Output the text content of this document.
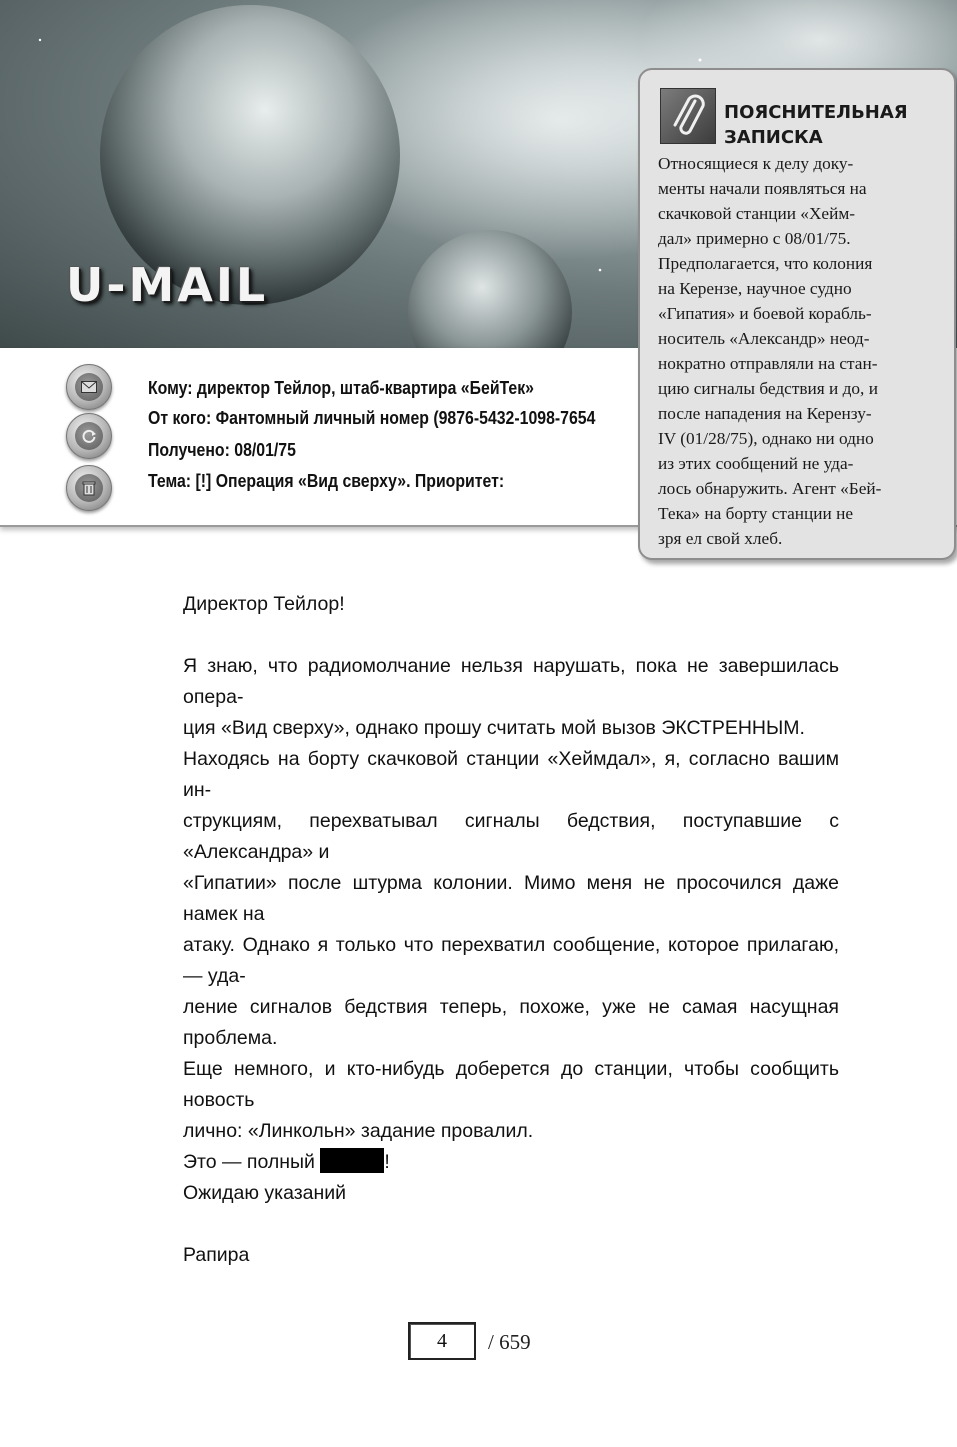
U-MAIL
Кому: директор Тейлор, штаб-квартира «БейТек»
От кого: Фантомный личный номер (9876-5432-1098-7654
Получено: 08/01/75
Тема: [!] Операция «Вид сверху». Приоритет:
ПОЯСНИТЕЛЬНАЯ
ЗАПИСКА
Относящиеся к делу доку-
менты начали появляться на
скачковой станции «Хейм-
дал» примерно с 08/01/75.
Предполагается, что колония
на Керензе, научное судно
«Гипатия» и боевой корабль-
носитель «Александр» неод-
нократно отправляли на стан-
цию сигналы бедствия и до, и
после нападения на Керензу-
IV (01/28/75), однако ни одно
из этих сообщений не уда-
лось обнаружить. Агент «Бей-
Тека» на борту станции не
зря ел свой хлеб.

Директор Тейлор!

Я знаю, что радиомолчание нельзя нарушать, пока не завершилась опера-

ция «Вид сверху», однако прошу считать мой вызов ЭКСТРЕННЫМ.

Находясь на борту скачковой станции «Хеймдал», я, согласно вашим ин-

струкциям, перехватывал сигналы бедствия, поступавшие с «Александра» и

«Гипатии» после штурма колонии. Мимо меня не просочился даже намек на

атаку. Однако я только что перехватил сообщение, которое прилагаю, — уда-

ление сигналов бедствия теперь, похоже, уже не самая насущная проблема.

Еще немного, и кто-нибудь доберется до станции, чтобы сообщить новость

лично: «Линкольн» задание провалил.

Это — полный	!

Ожидаю указаний

Рапира

4	/ 659
